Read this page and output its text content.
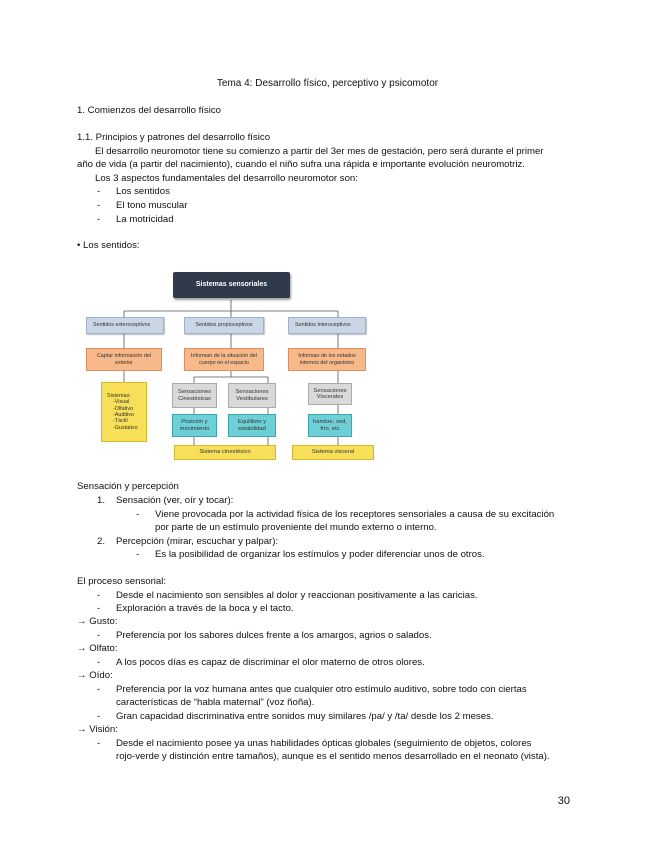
Tema 4: Desarrollo físico, perceptivo y psicomotor
1. Comienzos del desarrollo físico
1.1. Principios y patrones del desarrollo físico
El desarrollo neuromotor tiene su comienzo a partir del 3er mes de gestación, pero será durante el primer
año de vida (a partir del nacimiento), cuando el niño sufra una rápida e importante evolución neuromotriz.
Los 3 aspectos fundamentales del desarrollo neuromotor son:
- Los sentidos
- El tono muscular
- La motricidad
• Los sentidos:
Sistemas sensoriales
Sentidos exteroceptivos	Sentidos propioceptivos	Sentidos interoceptivos
Captar información del exterior
Informan de la situación del cuerpo en el espacio
Informan de los estados internos del organismo
Sistemas:
-Visual
-Olfativo
-Auditivo
-Táctil
-Gustativo
Sensaciones Cinestésicas
Sensaciones Vestibulares
Posición y movimiento
Equilibrio y estabilidad
Sistema cinestésico
Sensaciones Viscerales
hambre, sed, frío, etc
Sistema visceral
Sensación y percepción
1. Sensación (ver, oír y tocar):
- Viene provocada por la actividad física de los receptores sensoriales a causa de su excitación
por parte de un estímulo proveniente del mundo externo o interno.
2. Percepción (mirar, escuchar y palpar):
- Es la posibilidad de organizar los estímulos y poder diferenciar unos de otros.
El proceso sensorial:
- Desde el nacimiento son sensibles al dolor y reaccionan positivamente a las caricias.
- Exploración a través de la boca y el tacto.
→ Gusto:
- Preferencia por los sabores dulces frente a los amargos, agrios o salados.
→ Olfato:
- A los pocos días es capaz de discriminar el olor materno de otros olores.
→ Oído:
- Preferencia por la voz humana antes que cualquier otro estímulo auditivo, sobre todo con ciertas
características de “habla maternal” (voz ñoña).
- Gran capacidad discriminativa entre sonidos muy similares /pa/ y /ta/ desde los 2 meses.
→ Visión:
- Desde el nacimiento posee ya unas habilidades ópticas globales (seguimiento de objetos, colores
rojo-verde y distinción entre tamaños), aunque es el sentido menos desarrollado en el neonato (vista).
30
